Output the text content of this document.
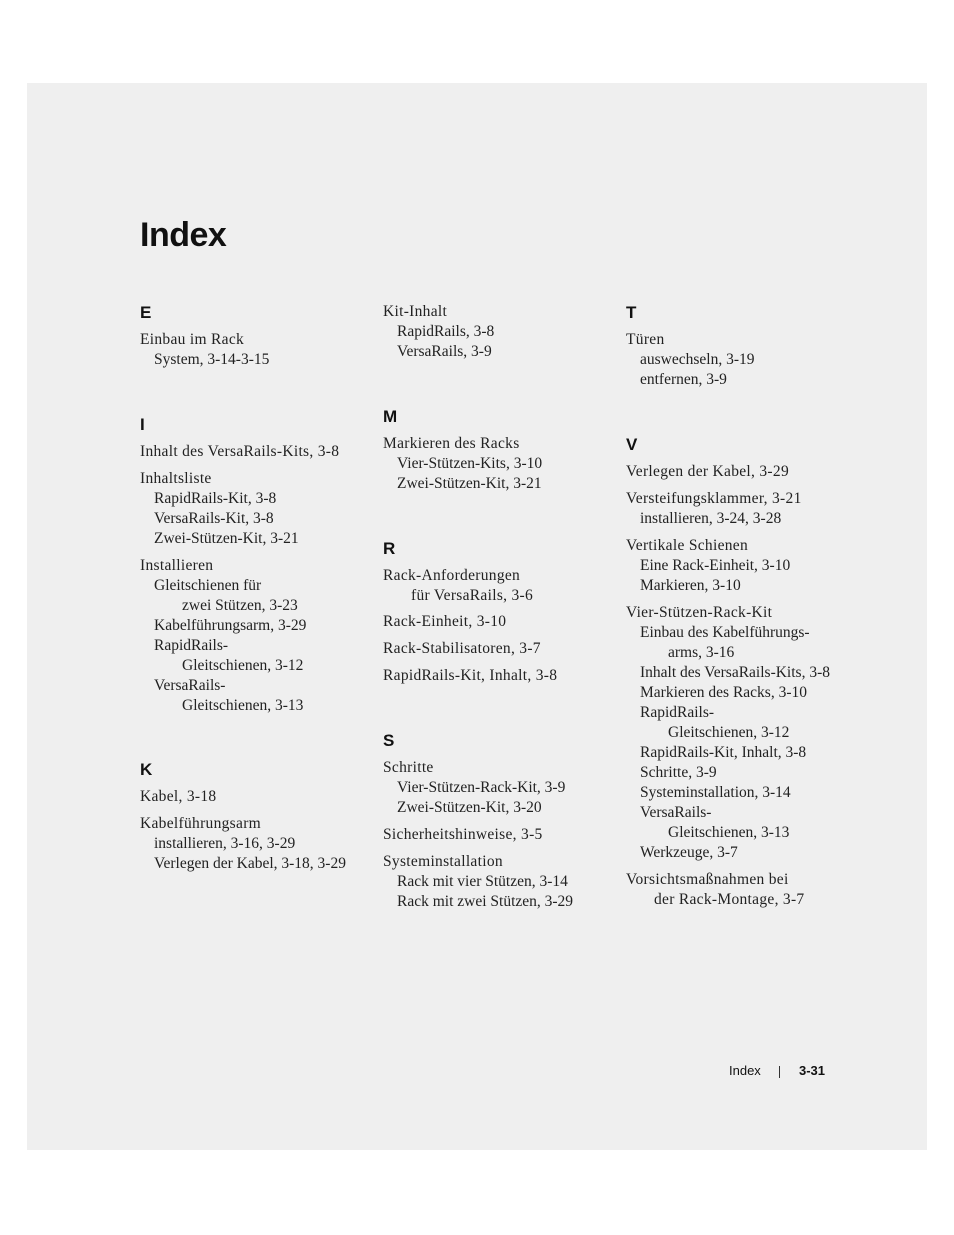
Index
E
Einbau im Rack
System, 3-14-3-15
I
Inhalt des VersaRails-Kits, 3-8
Inhaltsliste
RapidRails-Kit, 3-8
VersaRails-Kit, 3-8
Zwei-Stützen-Kit, 3-21
Installieren
Gleitschienen für
zwei Stützen, 3-23
Kabelführungsarm, 3-29
RapidRails-
Gleitschienen, 3-12
VersaRails-
Gleitschienen, 3-13
K
Kabel, 3-18
Kabelführungsarm
installieren, 3-16, 3-29
Verlegen der Kabel, 3-18, 3-29
Kit-Inhalt
RapidRails, 3-8
VersaRails, 3-9
M
Markieren des Racks
Vier-Stützen-Kits, 3-10
Zwei-Stützen-Kit, 3-21
R
Rack-Anforderungen
für VersaRails, 3-6
Rack-Einheit, 3-10
Rack-Stabilisatoren, 3-7
RapidRails-Kit, Inhalt, 3-8
S
Schritte
Vier-Stützen-Rack-Kit, 3-9
Zwei-Stützen-Kit, 3-20
Sicherheitshinweise, 3-5
Systeminstallation
Rack mit vier Stützen, 3-14
Rack mit zwei Stützen, 3-29
T
Türen
auswechseln, 3-19
entfernen, 3-9
V
Verlegen der Kabel, 3-29
Versteifungsklammer, 3-21
installieren, 3-24, 3-28
Vertikale Schienen
Eine Rack-Einheit, 3-10
Markieren, 3-10
Vier-Stützen-Rack-Kit
Einbau des Kabelführungs-
arms, 3-16
Inhalt des VersaRails-Kits, 3-8
Markieren des Racks, 3-10
RapidRails-
Gleitschienen, 3-12
RapidRails-Kit, Inhalt, 3-8
Schritte, 3-9
Systeminstallation, 3-14
VersaRails-
Gleitschienen, 3-13
Werkzeuge, 3-7
Vorsichtsmaßnahmen bei
der Rack-Montage, 3-7
Index	3-31
